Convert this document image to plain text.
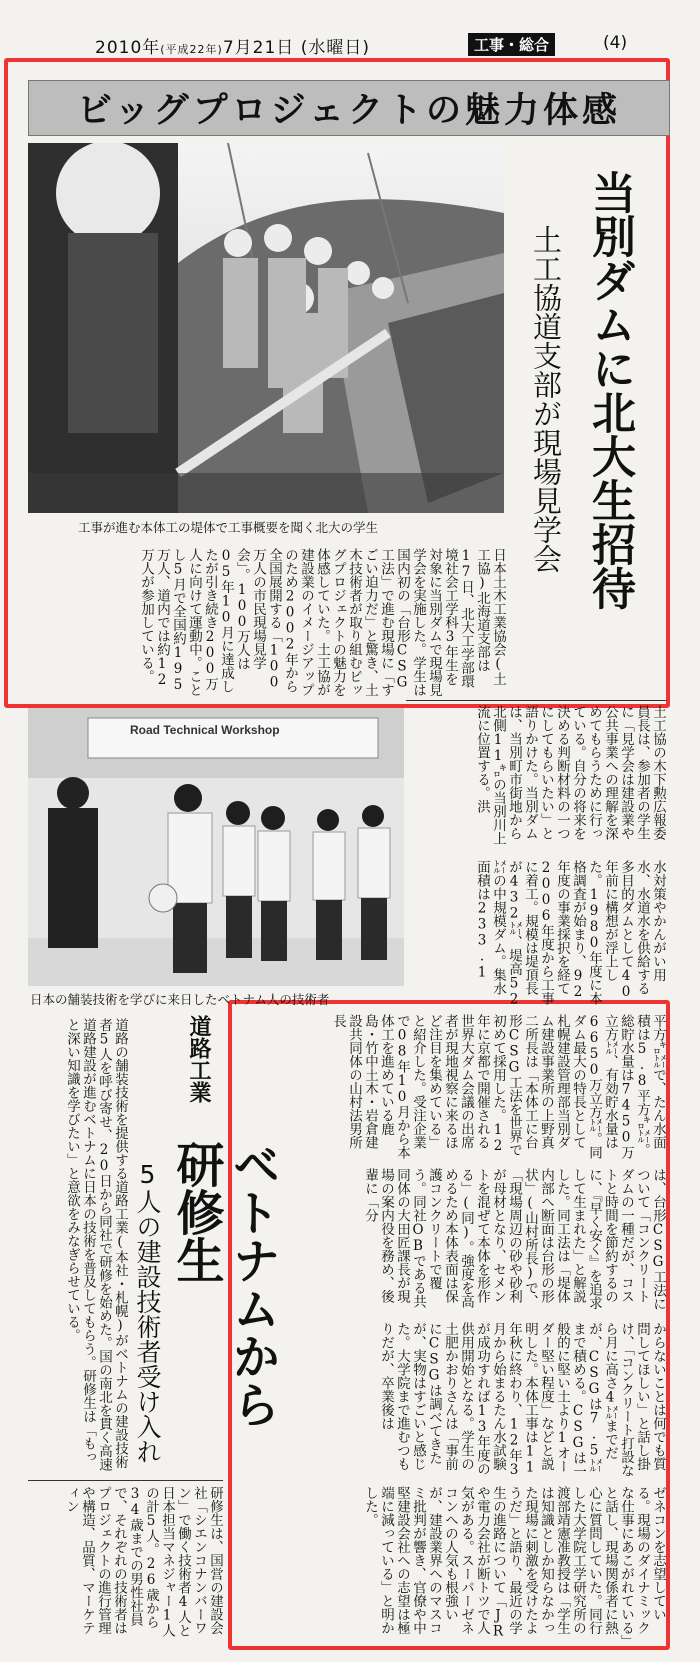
2010年(平成22年)7月21日 (水曜日)	工事・総合	(4)
ビッグプロジェクトの魅力体感
工事が進む本体工の堤体で工事概要を聞く北大の学生	当別ダムに北大生招待
土工協道支部が現場見学会
日本土木工業協会(土工協)北海道支部は17日、北大工学部環境社会工学科3年生を対象に当別ダムで現場見学会を実施した。学生は国内初の「台形CSG工法」で進む現場に「すごい迫力だ」と驚き、土木技術者が取り組むビッグプロジェクトの魅力を体感していた。土工協が建設業のイメージアップのため2002年から全国展開する「100万人の市民現場見学会」。100万人は05年10月に達成したが引き続き200万人に向けて運動中。ことし5月で全国約195万人、道内では約12万人が参加している。
土工協の木下勲広報委員長は、参加者の学生に「見学会は建設業や公共事業への理解を深めてもらうために行っている。自分の将来を決める判断材料の一つにしてもらいたい」と語りかけた。当別ダムは、当別町市街地から北側11㌔の当別川上流に位置する。洪
水対策やかんがい用水、水道水を供給する多目的ダムとして40年前に構想が浮上した。1980年度に本格調査が始まり、92年度の事業採択を経て2006年度から工事に着工。規模は堤頂長が432㍍、堤高52㍍の中規模ダム。集水面積は233.1
平方㌔㍍で、たん水面積は5.8平方㌔㍍。総貯水量は7450万立方㍍、有効貯水量は6650万立方㍍。同ダム最大の特長として札幌建設管理部当別ダム建設事業所の上野真二所長は「本体工に台形CSG工法を世界で初めて採用した。12年に京都で開催される世界大ダム会議の出席者が現地視察に来るほど注目を集めている」と紹介した。受注企業で08年10月から本体工を進めている鹿島・竹中土木・岩倉建設共同体の山村法男所長
は、台形CSG工法について「コンクリートダムの一種だが、コストと時間を節約するのに、『早く安く』を追求して生まれた」と解説した。同工法は「堤体内部へ断面は台形の形状」(山村所長)で、「現場周辺の砂や砂利が母材となり、セメントを混ぜて本体を形作る」(同)。強度を高めるため本体表面は保護コンクリートで覆う。同社OBである共同体の大田匠課長が現場の案内役を務め、後輩に「分
からないことは何でも質問してほしい」と話し掛け、「コンクリート打設なら月に高さ4㍍までだが、CSGは7.5㍍まで積める。CSGは一般的に堅い土より1オーダー堅い程度」などと説明した。本体工事は11年秋に終わり、12年3月から始まるたん水試験が成功すれば13年度の供用開始となる。学生の土肥かおりさんは「事前にCSGは調べてきたが、実物はすごいと感じた。大学院まで進むつもりだが、卒業後は
ゼネコンを志望している。現場のダイナミックな仕事にあこがれている」と話し、現場関係者に熱心に質問していた。同行した大学院工学研究所の渡部靖憲准教授は「学生は知識としか知らなかった現場に刺激を受けたようだ」と語り、最近の学生の進路について「JRや電力会社が断トツで人気がある。スーパーゼネコンへの人気も根強いが、建設業界へのマスコミ批判が響き、官僚や中堅建設会社への志望は極端に減っている」と明かした。
Road Technical Workshop
日本の舗装技術を学びに来日したベトナム人の技術者
道路工業
ベトナムから研修生
5人の建設技術者受け入れ
道路の舗装技術を提供する道路工業(本社・札幌)がベトナムの建設技術者5人を呼び寄せ、20日から同社で研修を始めた。国の南北を貫く高速道路建設が進むベトナムに日本の技術を普及してもらう。研修生は「もっと深い知識を学びたい」と意欲をみなぎらせている。
研修生は、国営の建設会社「シエンコナンバーワン」で働く技術者4人と日本担当マネジャー1人の計5人。26歳から34歳までの男性社員で、それぞれの技術者はプロジェクトの進行管理や構造、品質、マーケティン
